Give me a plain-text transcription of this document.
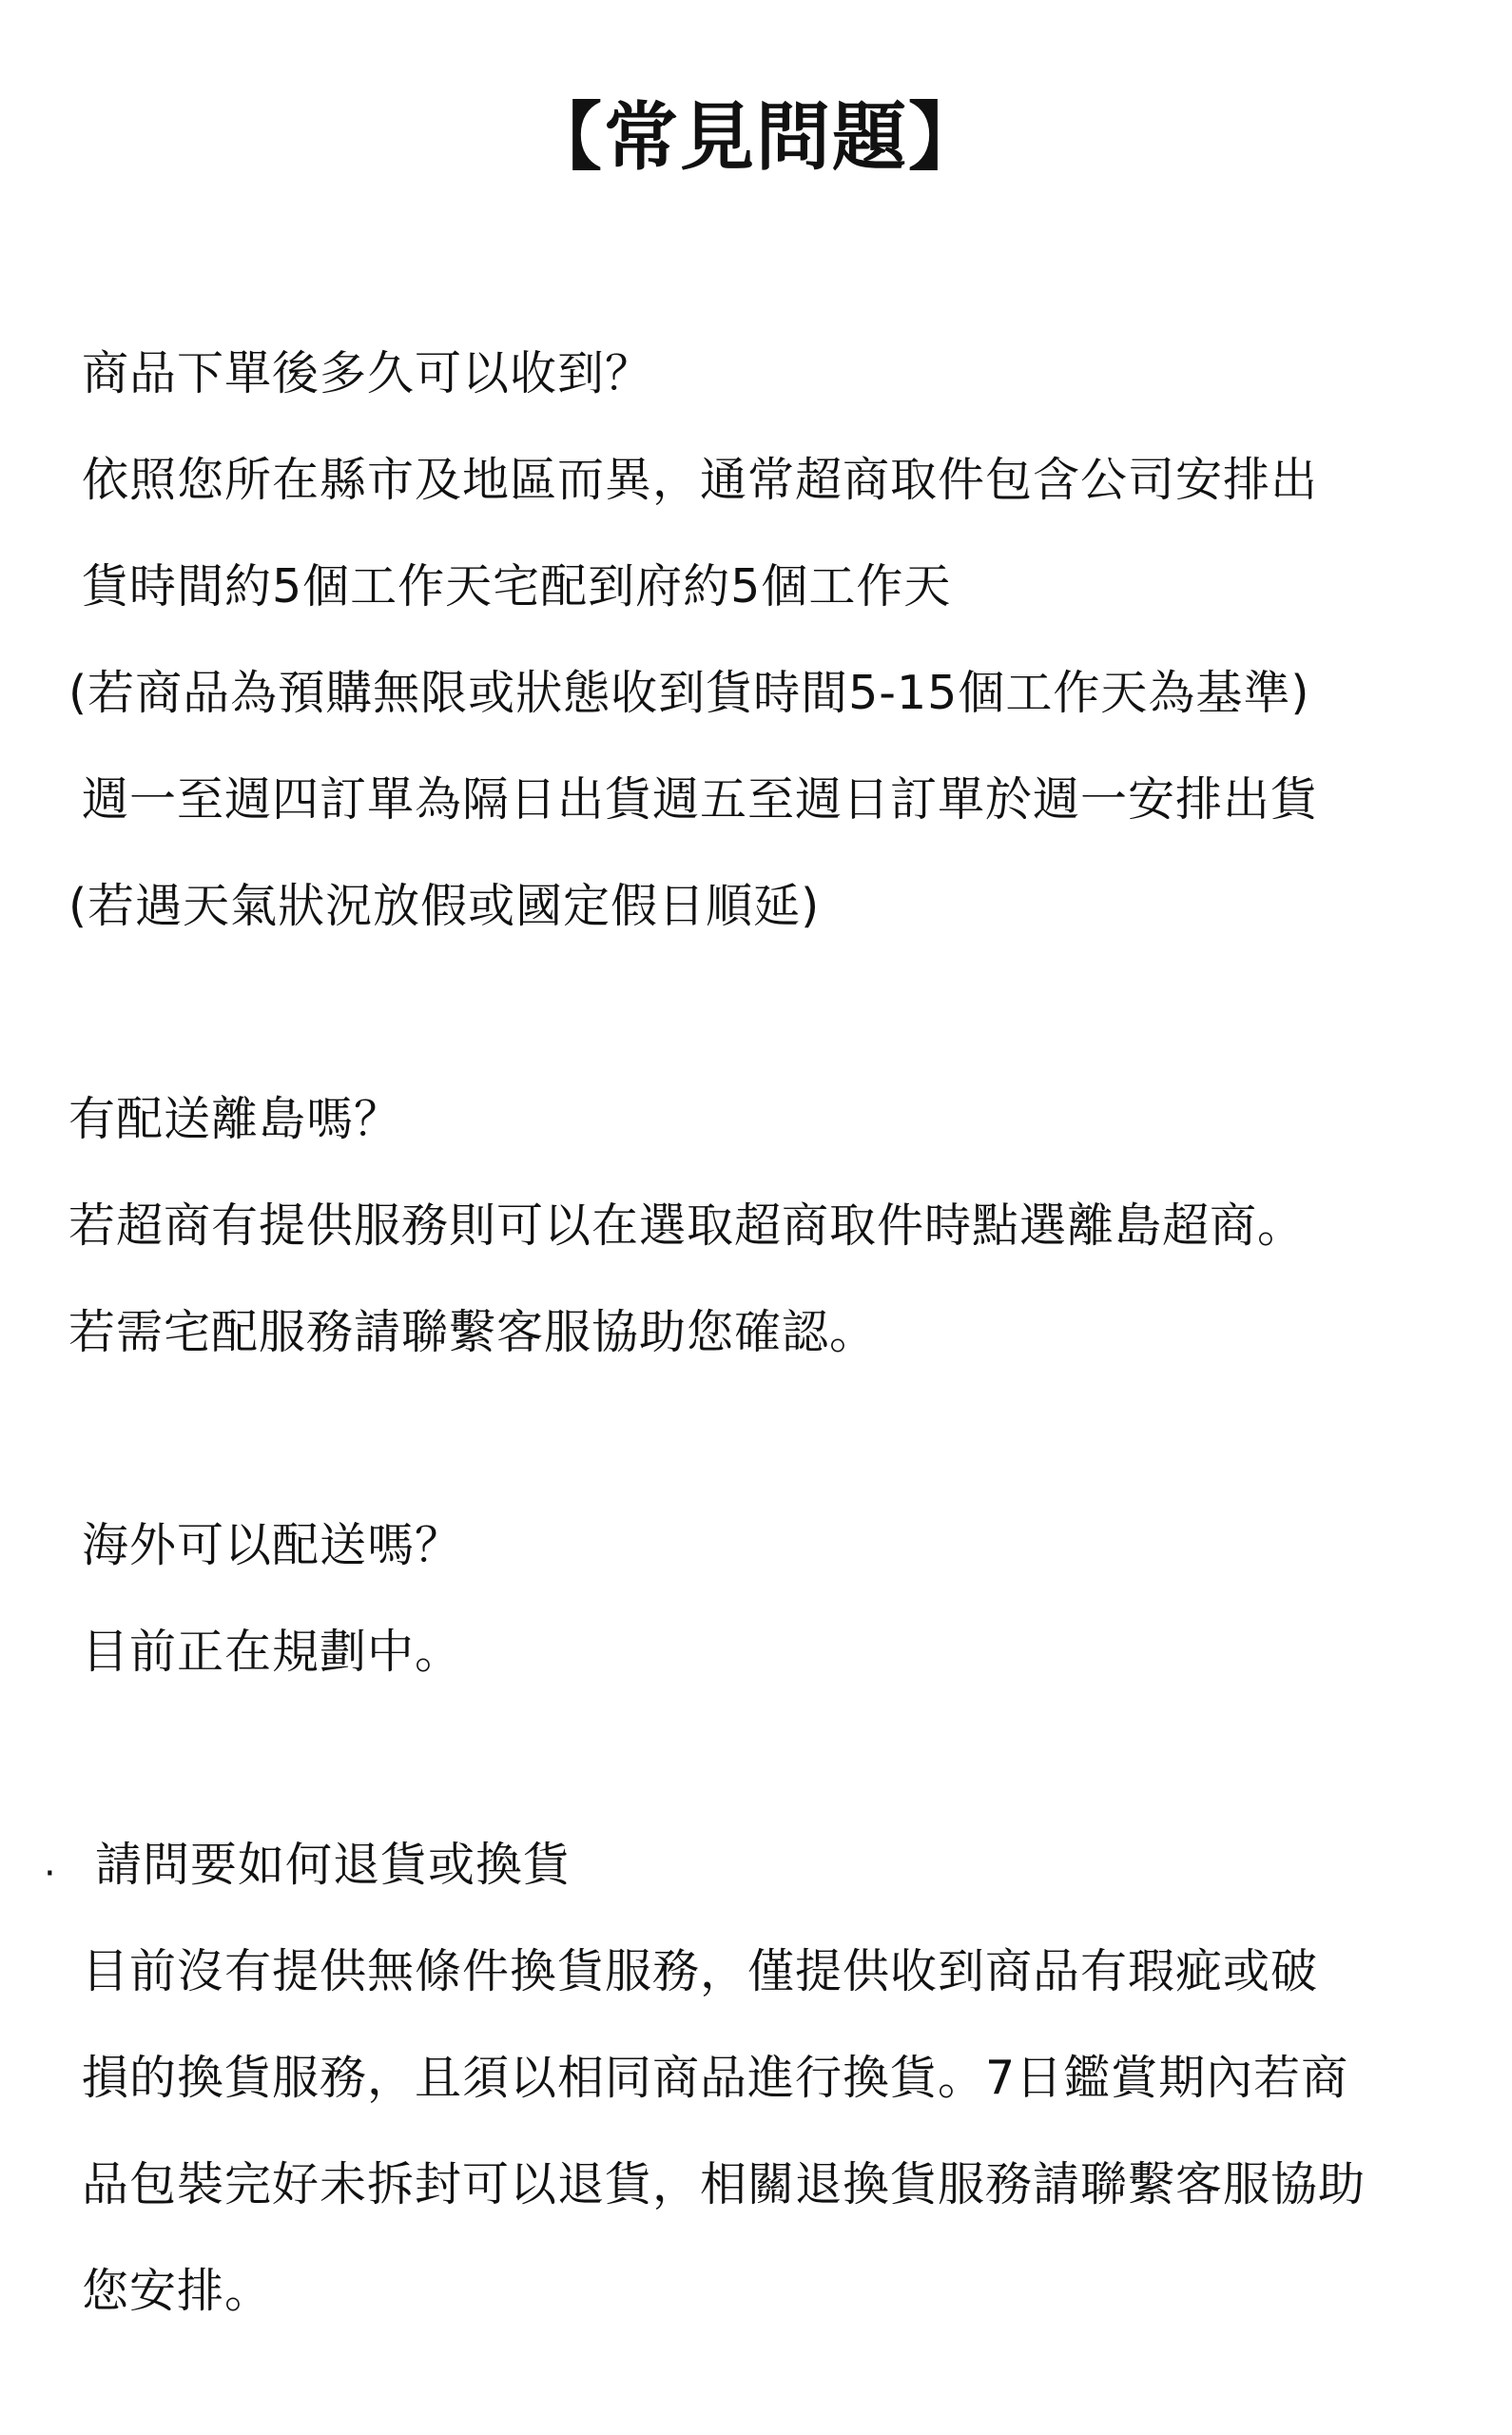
【常見問題】

商品下單後多久可以收到？

依照您所在縣市及地區而異，通常超商取件包含公司安排出

貨時間約5個工作天宅配到府約5個工作天

(若商品為預購無限或狀態收到貨時間5-15個工作天為基準)

週一至週四訂單為隔日出貨週五至週日訂單於週一安排出貨

(若遇天氣狀況放假或國定假日順延)

有配送離島嗎？

若超商有提供服務則可以在選取超商取件時點選離島超商。

若需宅配服務請聯繫客服協助您確認。

海外可以配送嗎？

目前正在規劃中。

· 請問要如何退貨或換貨

目前沒有提供無條件換貨服務，僅提供收到商品有瑕疵或破

損的換貨服務，且須以相同商品進行換貨。7日鑑賞期內若商

品包裝完好未拆封可以退貨，相關退換貨服務請聯繫客服協助

您安排。
